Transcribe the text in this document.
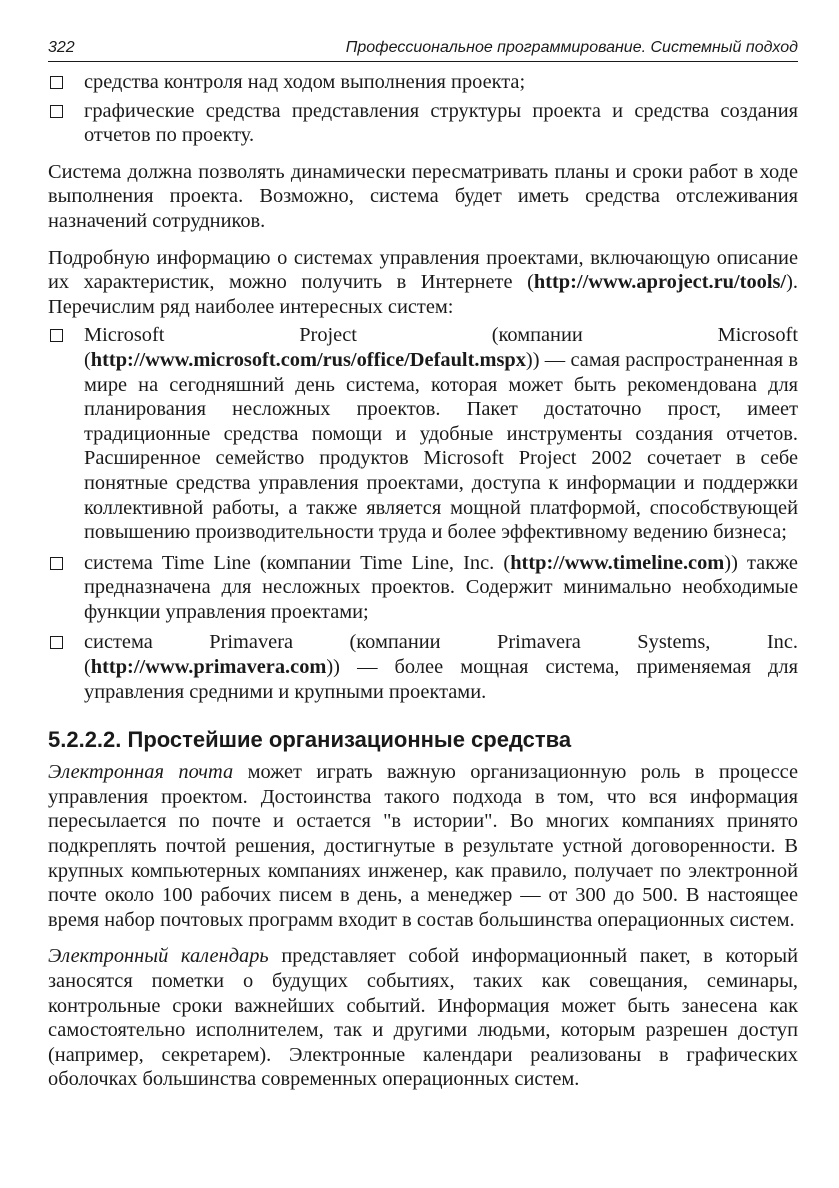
322	Профессиональное программирование. Системный подход
средства контроля над ходом выполнения проекта;
графические средства представления структуры проекта и средства создания отчетов по проекту.

Система должна позволять динамически пересматривать планы и сроки работ в ходе выполнения проекта. Возможно, система будет иметь средства отслеживания назначений сотрудников.

Подробную информацию о системах управления проектами, включающую описание их характеристик, можно получить в Интернете (http://www.aproject.ru/tools/). Перечислим ряд наиболее интересных систем:

Microsoft Project (компании Microsoft (http://www.microsoft.com/rus/office/Default.mspx)) — самая распространенная в мире на сегодняшний день система, которая может быть рекомендована для планирования несложных проектов. Пакет достаточно прост, имеет традиционные средства помощи и удобные инструменты создания отчетов. Расширенное семейство продуктов Microsoft Project 2002 сочетает в себе понятные средства управления проектами, доступа к информации и поддержки коллективной работы, а также является мощной платформой, способствующей повышению производительности труда и более эффективному ведению бизнеса;
система Time Line (компании Time Line, Inc. (http://www.timeline.com)) также предназначена для несложных проектов. Содержит минимально необходимые функции управления проектами;
система Primavera (компании Primavera Systems, Inc. (http://www.primavera.com)) — более мощная система, применяемая для управления средними и крупными проектами.
5.2.2.2. Простейшие организационные средства

Электронная почта может играть важную организационную роль в процессе управления проектом. Достоинства такого подхода в том, что вся информация пересылается по почте и остается "в истории". Во многих компаниях принято подкреплять почтой решения, достигнутые в результате устной договоренности. В крупных компьютерных компаниях инженер, как правило, получает по электронной почте около 100 рабочих писем в день, а менеджер — от 300 до 500. В настоящее время набор почтовых программ входит в состав большинства операционных систем.

Электронный календарь представляет собой информационный пакет, в который заносятся пометки о будущих событиях, таких как совещания, семинары, контрольные сроки важнейших событий. Информация может быть занесена как самостоятельно исполнителем, так и другими людьми, которым разрешен доступ (например, секретарем). Электронные календари реализованы в графических оболочках большинства современных операционных систем.
